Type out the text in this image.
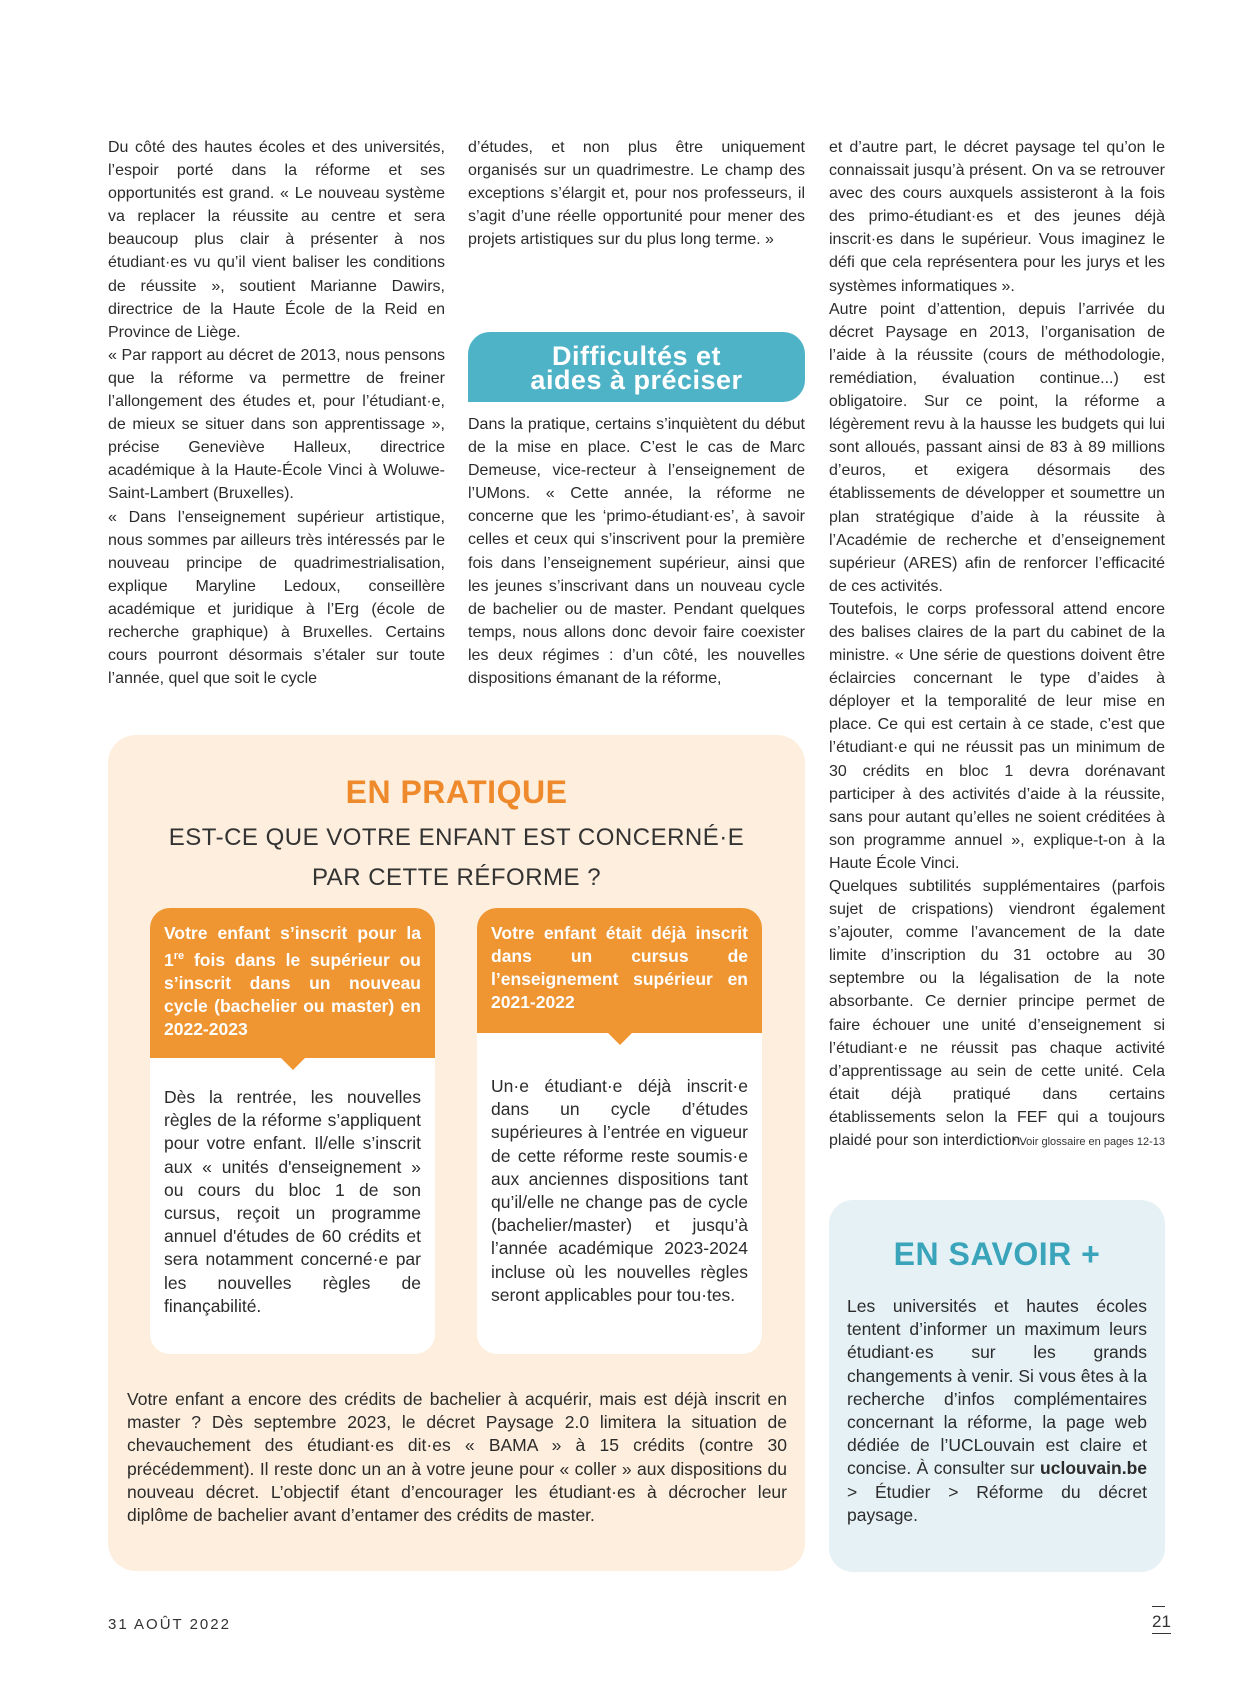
Du côté des hautes écoles et des universités, l’espoir porté dans la réforme et ses opportunités est grand. « Le nouveau système va replacer la réussite au centre et sera beaucoup plus clair à présenter à nos étudiant·es vu qu’il vient baliser les conditions de réussite », soutient Marianne Dawirs, directrice de la Haute École de la Reid en Province de Liège.

« Par rapport au décret de 2013, nous pensons que la réforme va permettre de freiner l’allongement des études et, pour l’étudiant·e, de mieux se situer dans son apprentissage », précise Geneviève Halleux, directrice académique à la Haute-École Vinci à Woluwe-Saint-Lambert (Bruxelles).

« Dans l’enseignement supérieur artistique, nous sommes par ailleurs très intéressés par le nouveau principe de quadrimestrialisation, explique Maryline Ledoux, conseillère académique et juridique à l’Erg (école de recherche graphique) à Bruxelles. Certains cours pourront désormais s’étaler sur toute l’année, quel que soit le cycle

d’études, et non plus être uniquement organisés sur un quadrimestre. Le champ des exceptions s’élargit et, pour nos professeurs, il s’agit d’une réelle opportunité pour mener des projets artistiques sur du plus long terme. »

Difficultés et
aides à préciser

Dans la pratique, certains s’inquiètent du début de la mise en place. C’est le cas de Marc Demeuse, vice-recteur à l’enseignement de l’UMons. « Cette année, la réforme ne concerne que les ‘primo-étudiant·es’, à savoir celles et ceux qui s’inscrivent pour la première fois dans l’enseignement supérieur, ainsi que les jeunes s’inscrivant dans un nouveau cycle de bachelier ou de master. Pendant quelques temps, nous allons donc devoir faire coexister les deux régimes : d’un côté, les nouvelles dispositions émanant de la réforme,

et d’autre part, le décret paysage tel qu’on le connaissait jusqu’à présent. On va se retrouver avec des cours auxquels assisteront à la fois des primo-étudiant·es et des jeunes déjà inscrit·es dans le supérieur. Vous imaginez le défi que cela représentera pour les jurys et les systèmes informatiques ».

Autre point d’attention, depuis l’arrivée du décret Paysage en 2013, l’organisation de l’aide à la réussite (cours de méthodologie, remédiation, évaluation continue...) est obligatoire. Sur ce point, la réforme a légèrement revu à la hausse les budgets qui lui sont alloués, passant ainsi de 83 à 89 millions d’euros, et exigera désormais des établissements de développer et soumettre un plan stratégique d’aide à la réussite à l’Académie de recherche et d’enseignement supérieur (ARES) afin de renforcer l’efficacité de ces activités.

Toutefois, le corps professoral attend encore des balises claires de la part du cabinet de la ministre. « Une série de questions doivent être éclaircies concernant le type d’aides à déployer et la temporalité de leur mise en place. Ce qui est certain à ce stade, c’est que l’étudiant·e qui ne réussit pas un minimum de 30 crédits en bloc 1 devra dorénavant participer à des activités d’aide à la réussite, sans pour autant qu’elles ne soient créditées à son programme annuel », explique-t-on à la Haute École Vinci.

Quelques subtilités supplémentaires (parfois sujet de crispations) viendront également s’ajouter, comme l’avancement de la date limite d’inscription du 31 octobre au 30 septembre ou la légalisation de la note absorbante. Ce dernier principe permet de faire échouer une unité d’enseignement si l’étudiant·e ne réussit pas chaque activité d’apprentissage au sein de cette unité. Cela était déjà pratiqué dans certains établissements selon la FEF qui a toujours plaidé pour son interdiction.

* Voir glossaire en pages 12-13
EN PRATIQUE
EST-CE QUE VOTRE ENFANT EST CONCERNÉ·E
PAR CETTE RÉFORME ?
Votre enfant s’inscrit pour la 1re fois dans le supérieur ou s’inscrit dans un nouveau cycle (bachelier ou master) en 2022-2023
Dès la rentrée, les nouvelles règles de la réforme s’appliquent pour votre enfant. Il/elle s’inscrit aux « unités d'enseignement » ou cours du bloc 1 de son cursus, reçoit un programme annuel d'études de 60 crédits et sera notamment concerné·e par les nouvelles règles de finançabilité.
Votre enfant était déjà inscrit dans un cursus de l’enseignement supérieur en 2021-2022
Un·e étudiant·e déjà inscrit·e dans un cycle d’études supérieures à l’entrée en vigueur de cette réforme reste soumis·e aux anciennes dispositions tant qu’il/elle ne change pas de cycle (bachelier/master) et jusqu’à l’année académique 2023-2024 incluse où les nouvelles règles seront applicables pour tou·tes.
Votre enfant a encore des crédits de bachelier à acquérir, mais est déjà inscrit en master ? Dès septembre 2023, le décret Paysage 2.0 limitera la situation de chevauchement des étudiant·es dit·es « BAMA » à 15 crédits (contre 30 précédemment). Il reste donc un an à votre jeune pour « coller » aux dispositions du nouveau décret. L’objectif étant d’encourager les étudiant·es à décrocher leur diplôme de bachelier avant d’entamer des crédits de master.
EN SAVOIR +
Les universités et hautes écoles tentent d’informer un maximum leurs étudiant·es sur les grands changements à venir. Si vous êtes à la recherche d’infos complémentaires concernant la réforme, la page web dédiée de l’UCLouvain est claire et concise. À consulter sur uclouvain.be > Étudier > Réforme du décret paysage.
31 AOÛT 2022	21
